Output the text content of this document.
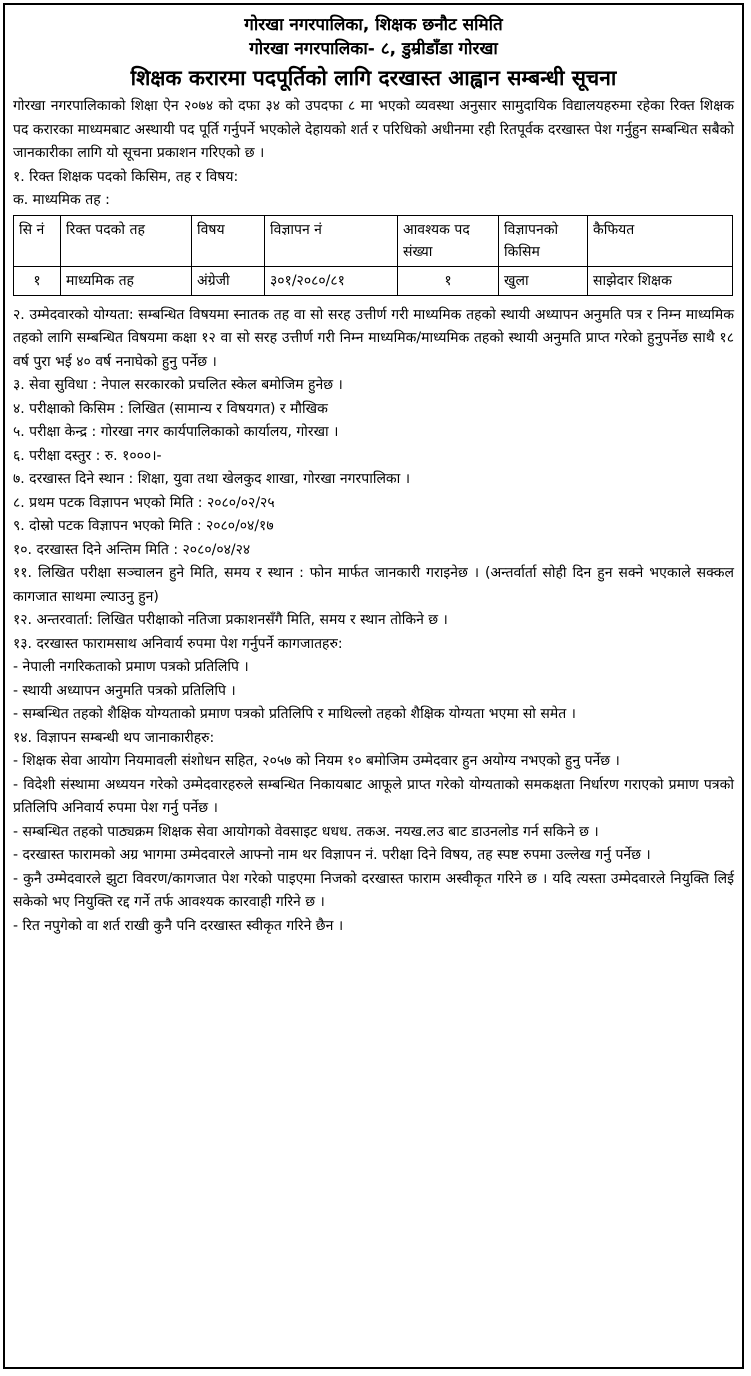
गोरखा नगरपालिका, शिक्षक छनौट समिति
गोरखा नगरपालिका- ८, डुम्रीडाँडा गोरखा
शिक्षक करारमा पदपूर्तिको लागि दरखास्त आह्वान सम्बन्धी सूचना

गोरखा नगरपालिकाको शिक्षा ऐन २०७४ को दफा ३४ को उपदफा ८ मा भएको व्यवस्था अनुसार सामुदायिक विद्यालयहरुमा रहेका रिक्त शिक्षक पद करारका माध्यमबाट अस्थायी पद पूर्ति गर्नुपर्ने भएकोले देहायको शर्त र परिधिको अधीनमा रही रितपूर्वक दरखास्त पेश गर्नुहुन सम्बन्धित सबैको जानकारीका लागि यो सूचना प्रकाशन गरिएको छ ।

१. रिक्त शिक्षक पदको किसिम, तह र विषय:

क. माध्यमिक तह :

सि नं	रिक्त पदको तह	विषय	विज्ञापन नं	आवश्यक पद संख्या	विज्ञापनको किसिम	कैफियत
१	माध्यमिक तह	अंग्रेजी	३०१/२०८०/८१	१	खुला	साझेदार शिक्षक

२. उम्मेदवारको योग्यता: सम्बन्धित विषयमा स्नातक तह वा सो सरह उत्तीर्ण गरी माध्यमिक तहको स्थायी अध्यापन अनुमति पत्र र निम्न माध्यमिक तहको लागि सम्बन्धित विषयमा कक्षा १२ वा सो सरह उत्तीर्ण गरी निम्न माध्यमिक/माध्यमिक तहको स्थायी अनुमति प्राप्त गरेको हुनुपर्नेछ साथै १८ वर्ष पुरा भई ४० वर्ष ननाघेको हुनु पर्नेछ ।

३. सेवा सुविधा : नेपाल सरकारको प्रचलित स्केल बमोजिम हुनेछ ।

४. परीक्षाको किसिम : लिखित (सामान्य र विषयगत) र मौखिक

५. परीक्षा केन्द्र : गोरखा नगर कार्यपालिकाको कार्यालय, गोरखा ।

६. परीक्षा दस्तुर : रु. १०००।-

७. दरखास्त दिने स्थान : शिक्षा, युवा तथा खेलकुद शाखा, गोरखा नगरपालिका ।

८. प्रथम पटक विज्ञापन भएको मिति : २०८०/०२/२५

९. दोस्रो पटक विज्ञापन भएको मिति : २०८०/०४/१७

१०. दरखास्त दिने अन्तिम मिति : २०८०/०४/२४

११. लिखित परीक्षा सञ्चालन हुने मिति, समय र स्थान : फोन मार्फत जानकारी गराइनेछ । (अन्तर्वार्ता सोही दिन हुन सक्ने भएकाले सक्कल कागजात साथमा ल्याउनु हुन)

१२. अन्तरवार्ता: लिखित परीक्षाको नतिजा प्रकाशनसँगै मिति, समय र स्थान तोकिने छ ।

१३. दरखास्त फारामसाथ अनिवार्य रुपमा पेश गर्नुपर्ने कागजातहरु:

- नेपाली नगरिकताको प्रमाण पत्रको प्रतिलिपि ।

- स्थायी अध्यापन अनुमति पत्रको प्रतिलिपि ।

- सम्बन्धित तहको शैक्षिक योग्यताको प्रमाण पत्रको प्रतिलिपि र माथिल्लो तहको शैक्षिक योग्यता भएमा सो समेत ।

१४. विज्ञापन सम्बन्धी थप जानाकारीहरु:

- शिक्षक सेवा आयोग नियमावली संशोधन सहित, २०५७ को नियम १० बमोजिम उम्मेदवार हुन अयोग्य नभएको हुनु पर्नेछ ।

- विदेशी संस्थामा अध्ययन गरेको उम्मेदवारहरुले सम्बन्धित निकायबाट आफूले प्राप्त गरेको योग्यताको समकक्षता निर्धारण गराएको प्रमाण पत्रको प्रतिलिपि अनिवार्य रुपमा पेश गर्नु पर्नेछ ।

- सम्बन्धित तहको पाठ्यक्रम शिक्षक सेवा आयोगको वेवसाइट धधध. तकअ. नयख.लउ बाट डाउनलोड गर्न सकिने छ ।

- दरखास्त फारामको अग्र भागमा उम्मेदवारले आफ्नो नाम थर विज्ञापन नं. परीक्षा दिने विषय, तह स्पष्ट रुपमा उल्लेख गर्नु पर्नेछ ।

- कुनै उम्मेदवारले झुटा विवरण/कागजात पेश गरेको पाइएमा निजको दरखास्त फाराम अस्वीकृत गरिने छ । यदि त्यस्ता उम्मेदवारले नियुक्ति लिई सकेको भए नियुक्ति रद्द गर्ने तर्फ आवश्यक कारवाही गरिने छ ।

- रित नपुगेको वा शर्त राखी कुनै पनि दरखास्त स्वीकृत गरिने छैन ।
